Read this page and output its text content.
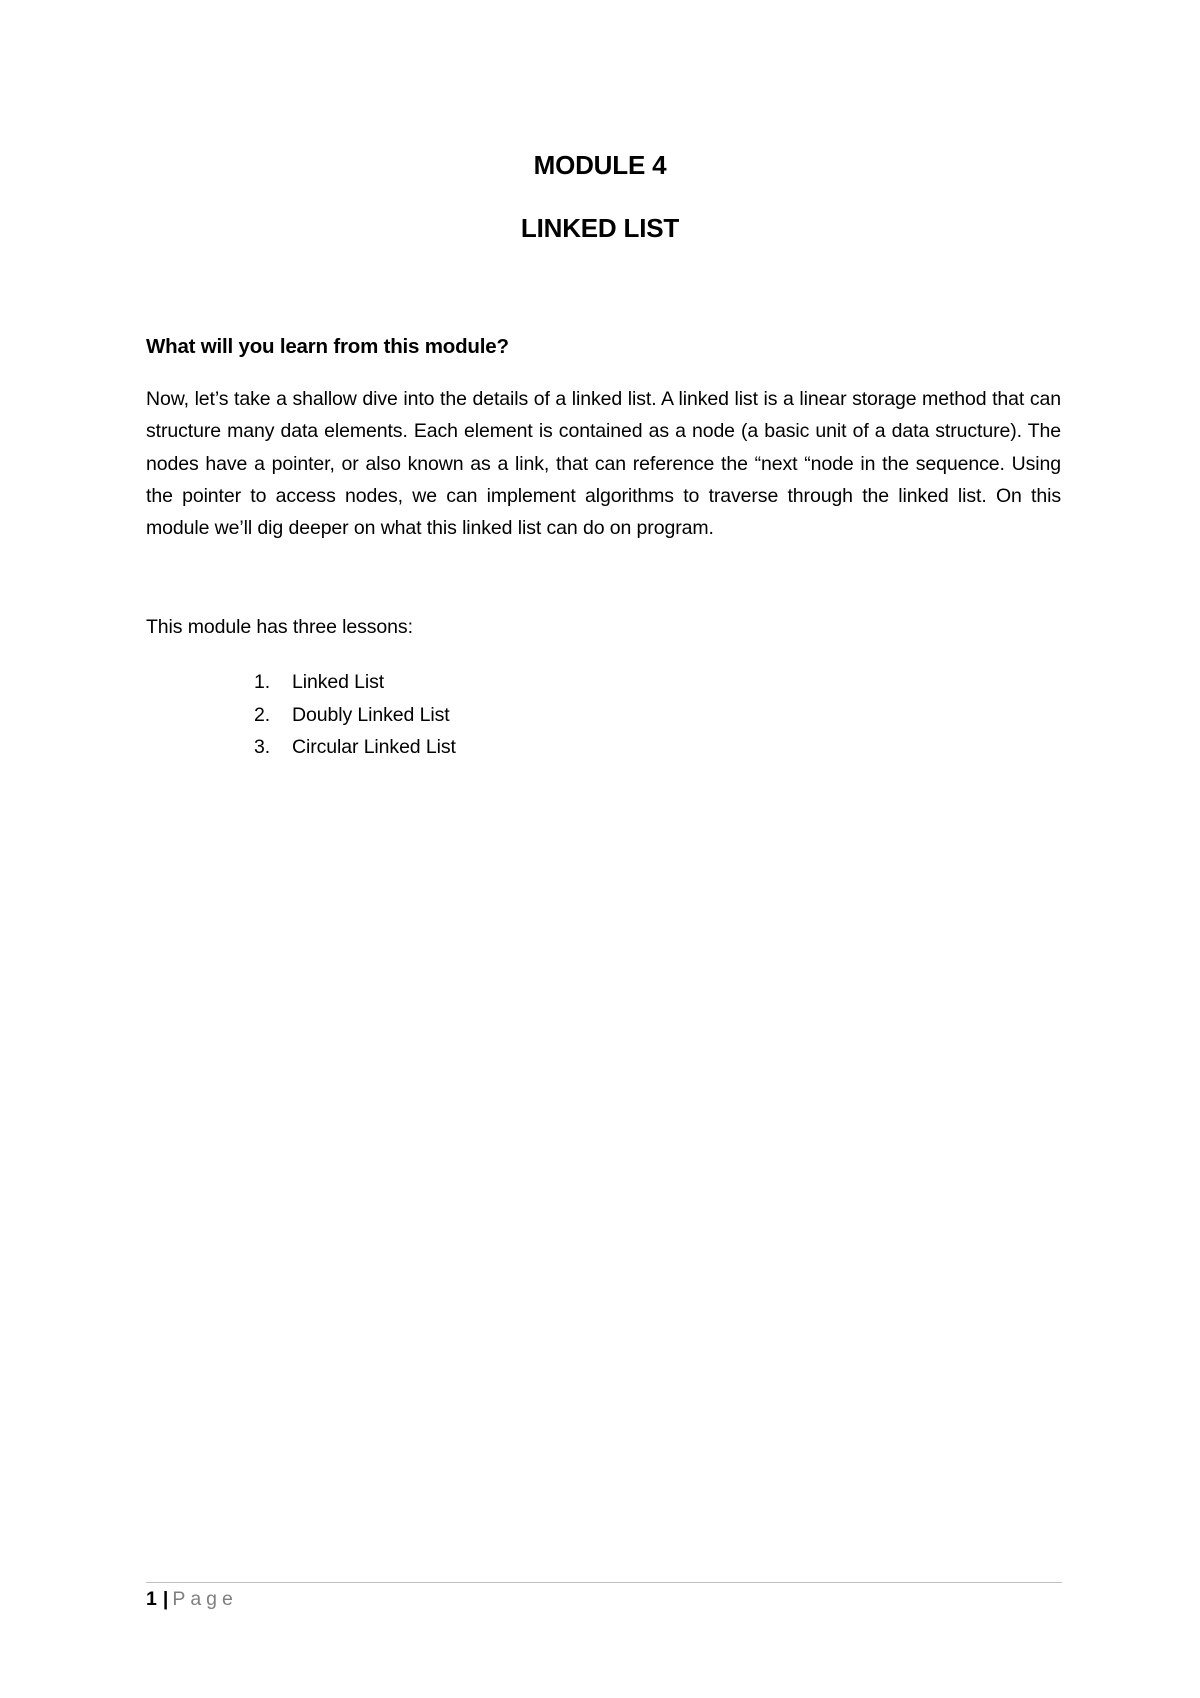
MODULE 4
LINKED LIST
What will you learn from this module?

Now, let’s take a shallow dive into the details of a linked list. A linked list is a linear storage method that can structure many data elements. Each element is contained as a node (a basic unit of a data structure). The nodes have a pointer, or also known as a link, that can reference the “next “node in the sequence. Using the pointer to access nodes, we can implement algorithms to traverse through the linked list. On this module we’ll dig deeper on what this linked list can do on program.

This module has three lessons:
1. Linked List
2. Doubly Linked List
3. Circular Linked List
1 | Page
